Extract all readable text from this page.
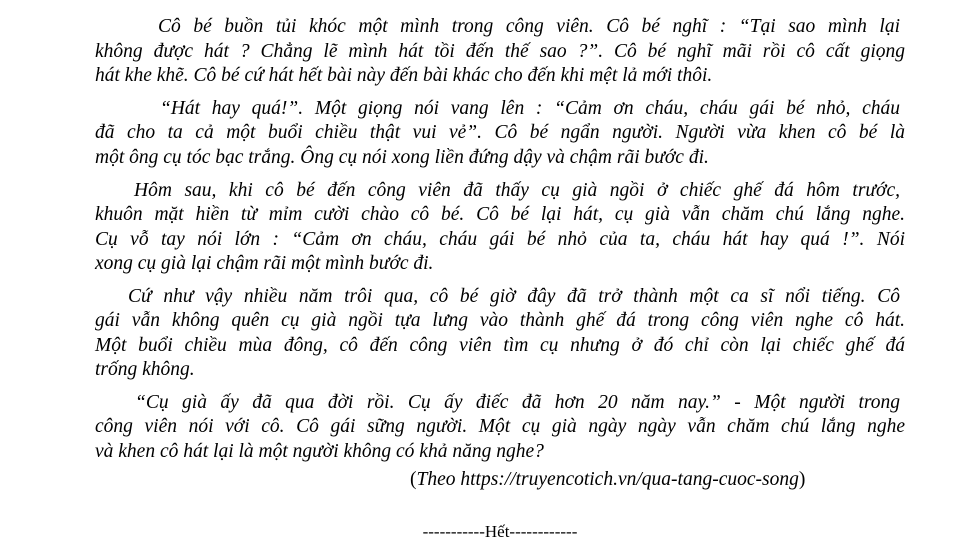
Cô bé buồn tủi khóc một mình trong công viên. Cô bé nghĩ : “Tại sao mình lại
không được hát ? Chẳng lẽ mình hát tồi đến thế sao ?”. Cô bé nghĩ mãi rồi cô cất giọng
hát khe khẽ. Cô bé cứ hát hết bài này đến bài khác cho đến khi mệt lả mới thôi.
“Hát hay quá!”. Một giọng nói vang lên : “Cảm ơn cháu, cháu gái bé nhỏ, cháu
đã cho ta cả một buổi chiều thật vui vẻ”. Cô bé ngẩn người. Người vừa khen cô bé là
một ông cụ tóc bạc trắng. Ông cụ nói xong liền đứng dậy và chậm rãi bước đi.
Hôm sau, khi cô bé đến công viên đã thấy cụ già ngồi ở chiếc ghế đá hôm trước,
khuôn mặt hiền từ mỉm cười chào cô bé. Cô bé lại hát, cụ già vẫn chăm chú lắng nghe.
Cụ vỗ tay nói lớn : “Cảm ơn cháu, cháu gái bé nhỏ của ta, cháu hát hay quá !”. Nói
xong cụ già lại chậm rãi một mình bước đi.
Cứ như vậy nhiều năm trôi qua, cô bé giờ đây đã trở thành một ca sĩ nổi tiếng. Cô
gái vẫn không quên cụ già ngồi tựa lưng vào thành ghế đá trong công viên nghe cô hát.
Một buổi chiều mùa đông, cô đến công viên tìm cụ nhưng ở đó chỉ còn lại chiếc ghế đá
trống không.
“Cụ già ấy đã qua đời rồi. Cụ ấy điếc đã hơn 20 năm nay.” - Một người trong
công viên nói với cô. Cô gái sững người. Một cụ già ngày ngày vẫn chăm chú lắng nghe
và khen cô hát lại là một người không có khả năng nghe?
(Theo https://truyencotich.vn/qua-tang-cuoc-song)
-----------Hết------------
